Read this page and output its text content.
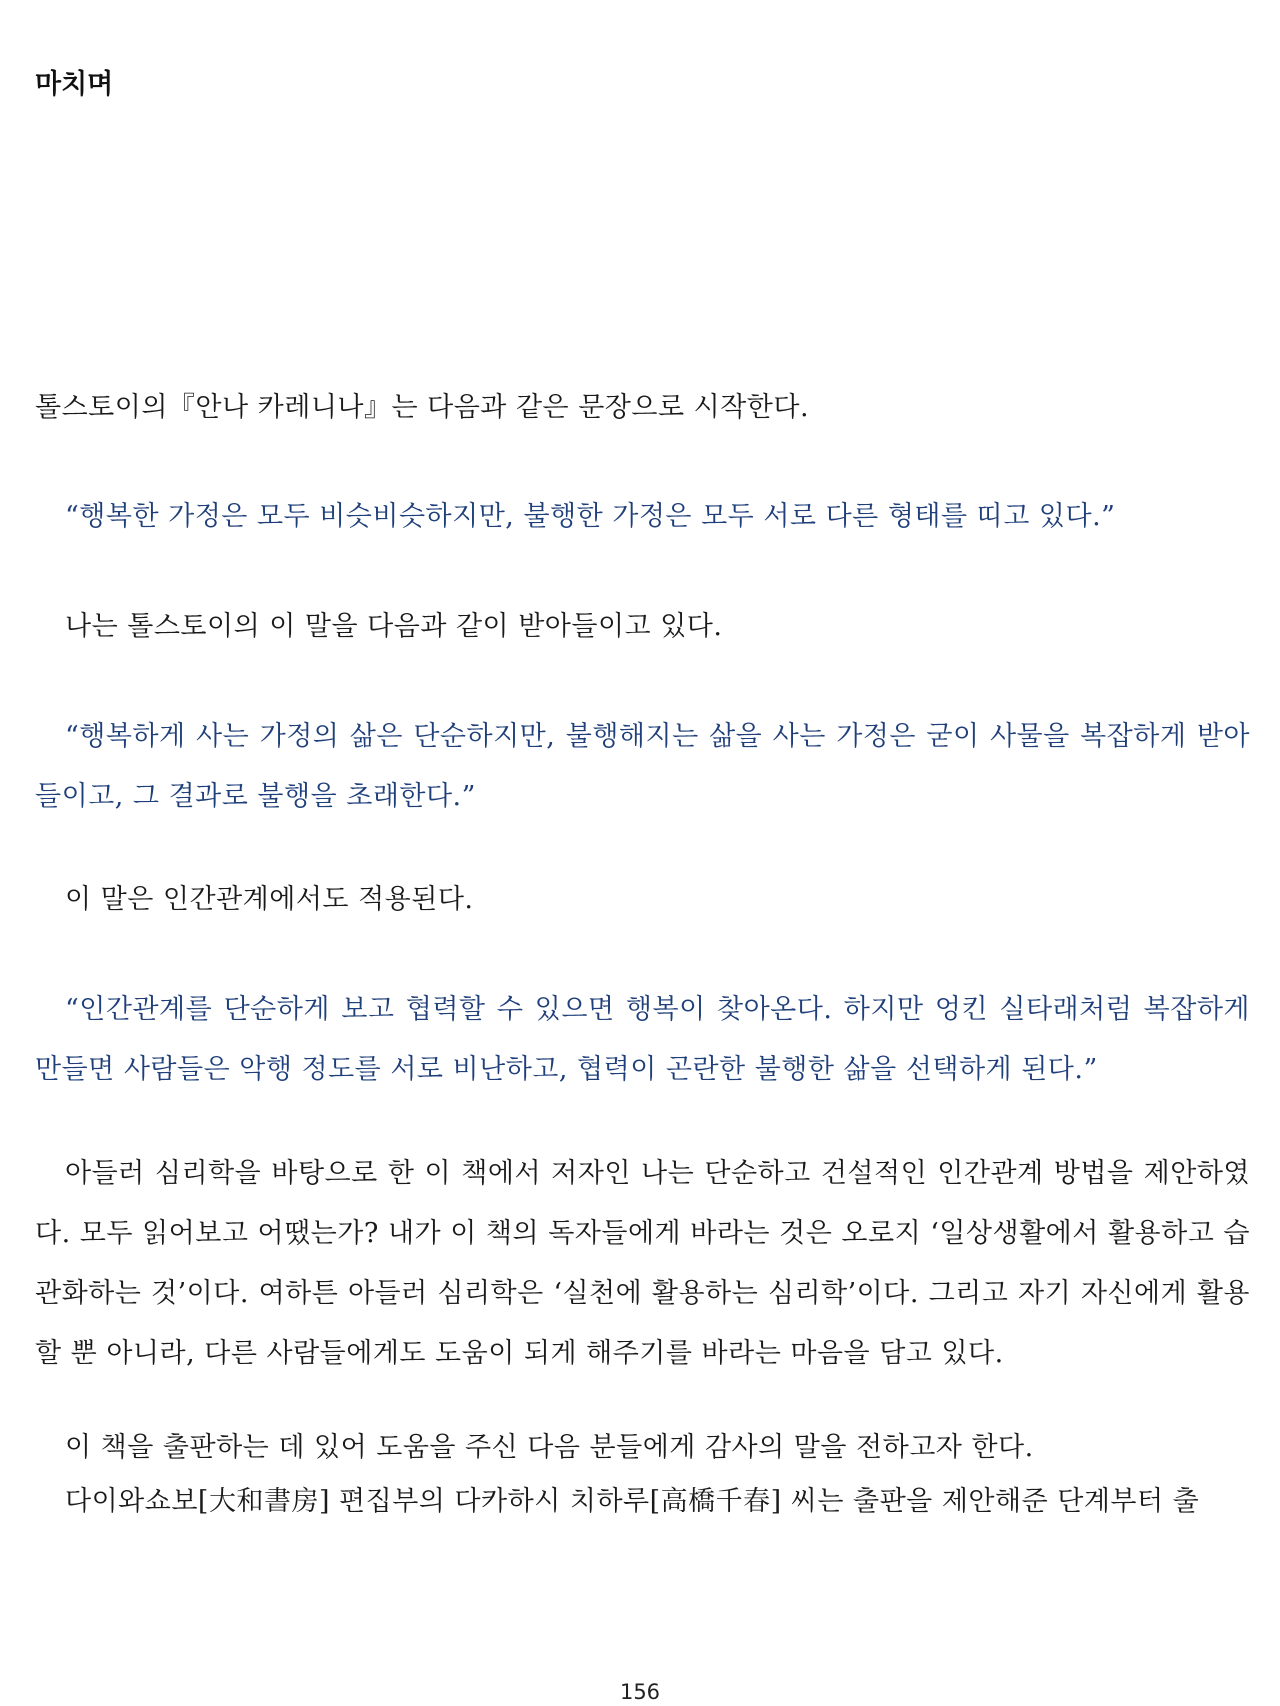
마치며

톨스토이의『안나 카레니나』는 다음과 같은 문장으로 시작한다.

“행복한 가정은 모두 비슷비슷하지만, 불행한 가정은 모두 서로 다른 형태를 띠고 있다.”

나는 톨스토이의 이 말을 다음과 같이 받아들이고 있다.

“행복하게 사는 가정의 삶은 단순하지만, 불행해지는 삶을 사는 가정은 굳이 사물을 복잡하게 받아들이고, 그 결과로 불행을 초래한다.”

이 말은 인간관계에서도 적용된다.

“인간관계를 단순하게 보고 협력할 수 있으면 행복이 찾아온다. 하지만 엉킨 실타래처럼 복잡하게 만들면 사람들은 악행 정도를 서로 비난하고, 협력이 곤란한 불행한 삶을 선택하게 된다.”

아들러 심리학을 바탕으로 한 이 책에서 저자인 나는 단순하고 건설적인 인간관계 방법을 제안하였다. 모두 읽어보고 어땠는가? 내가 이 책의 독자들에게 바라는 것은 오로지 ‘일상생활에서 활용하고 습관화하는 것’이다. 여하튼 아들러 심리학은 ‘실천에 활용하는 심리학’이다. 그리고 자기 자신에게 활용할 뿐 아니라, 다른 사람들에게도 도움이 되게 해주기를 바라는 마음을 담고 있다.

이 책을 출판하는 데 있어 도움을 주신 다음 분들에게 감사의 말을 전하고자 한다.

다이와쇼보[大和書房] 편집부의 다카하시 치하루[高橋千春] 씨는 출판을 제안해준 단계부터 출

156
